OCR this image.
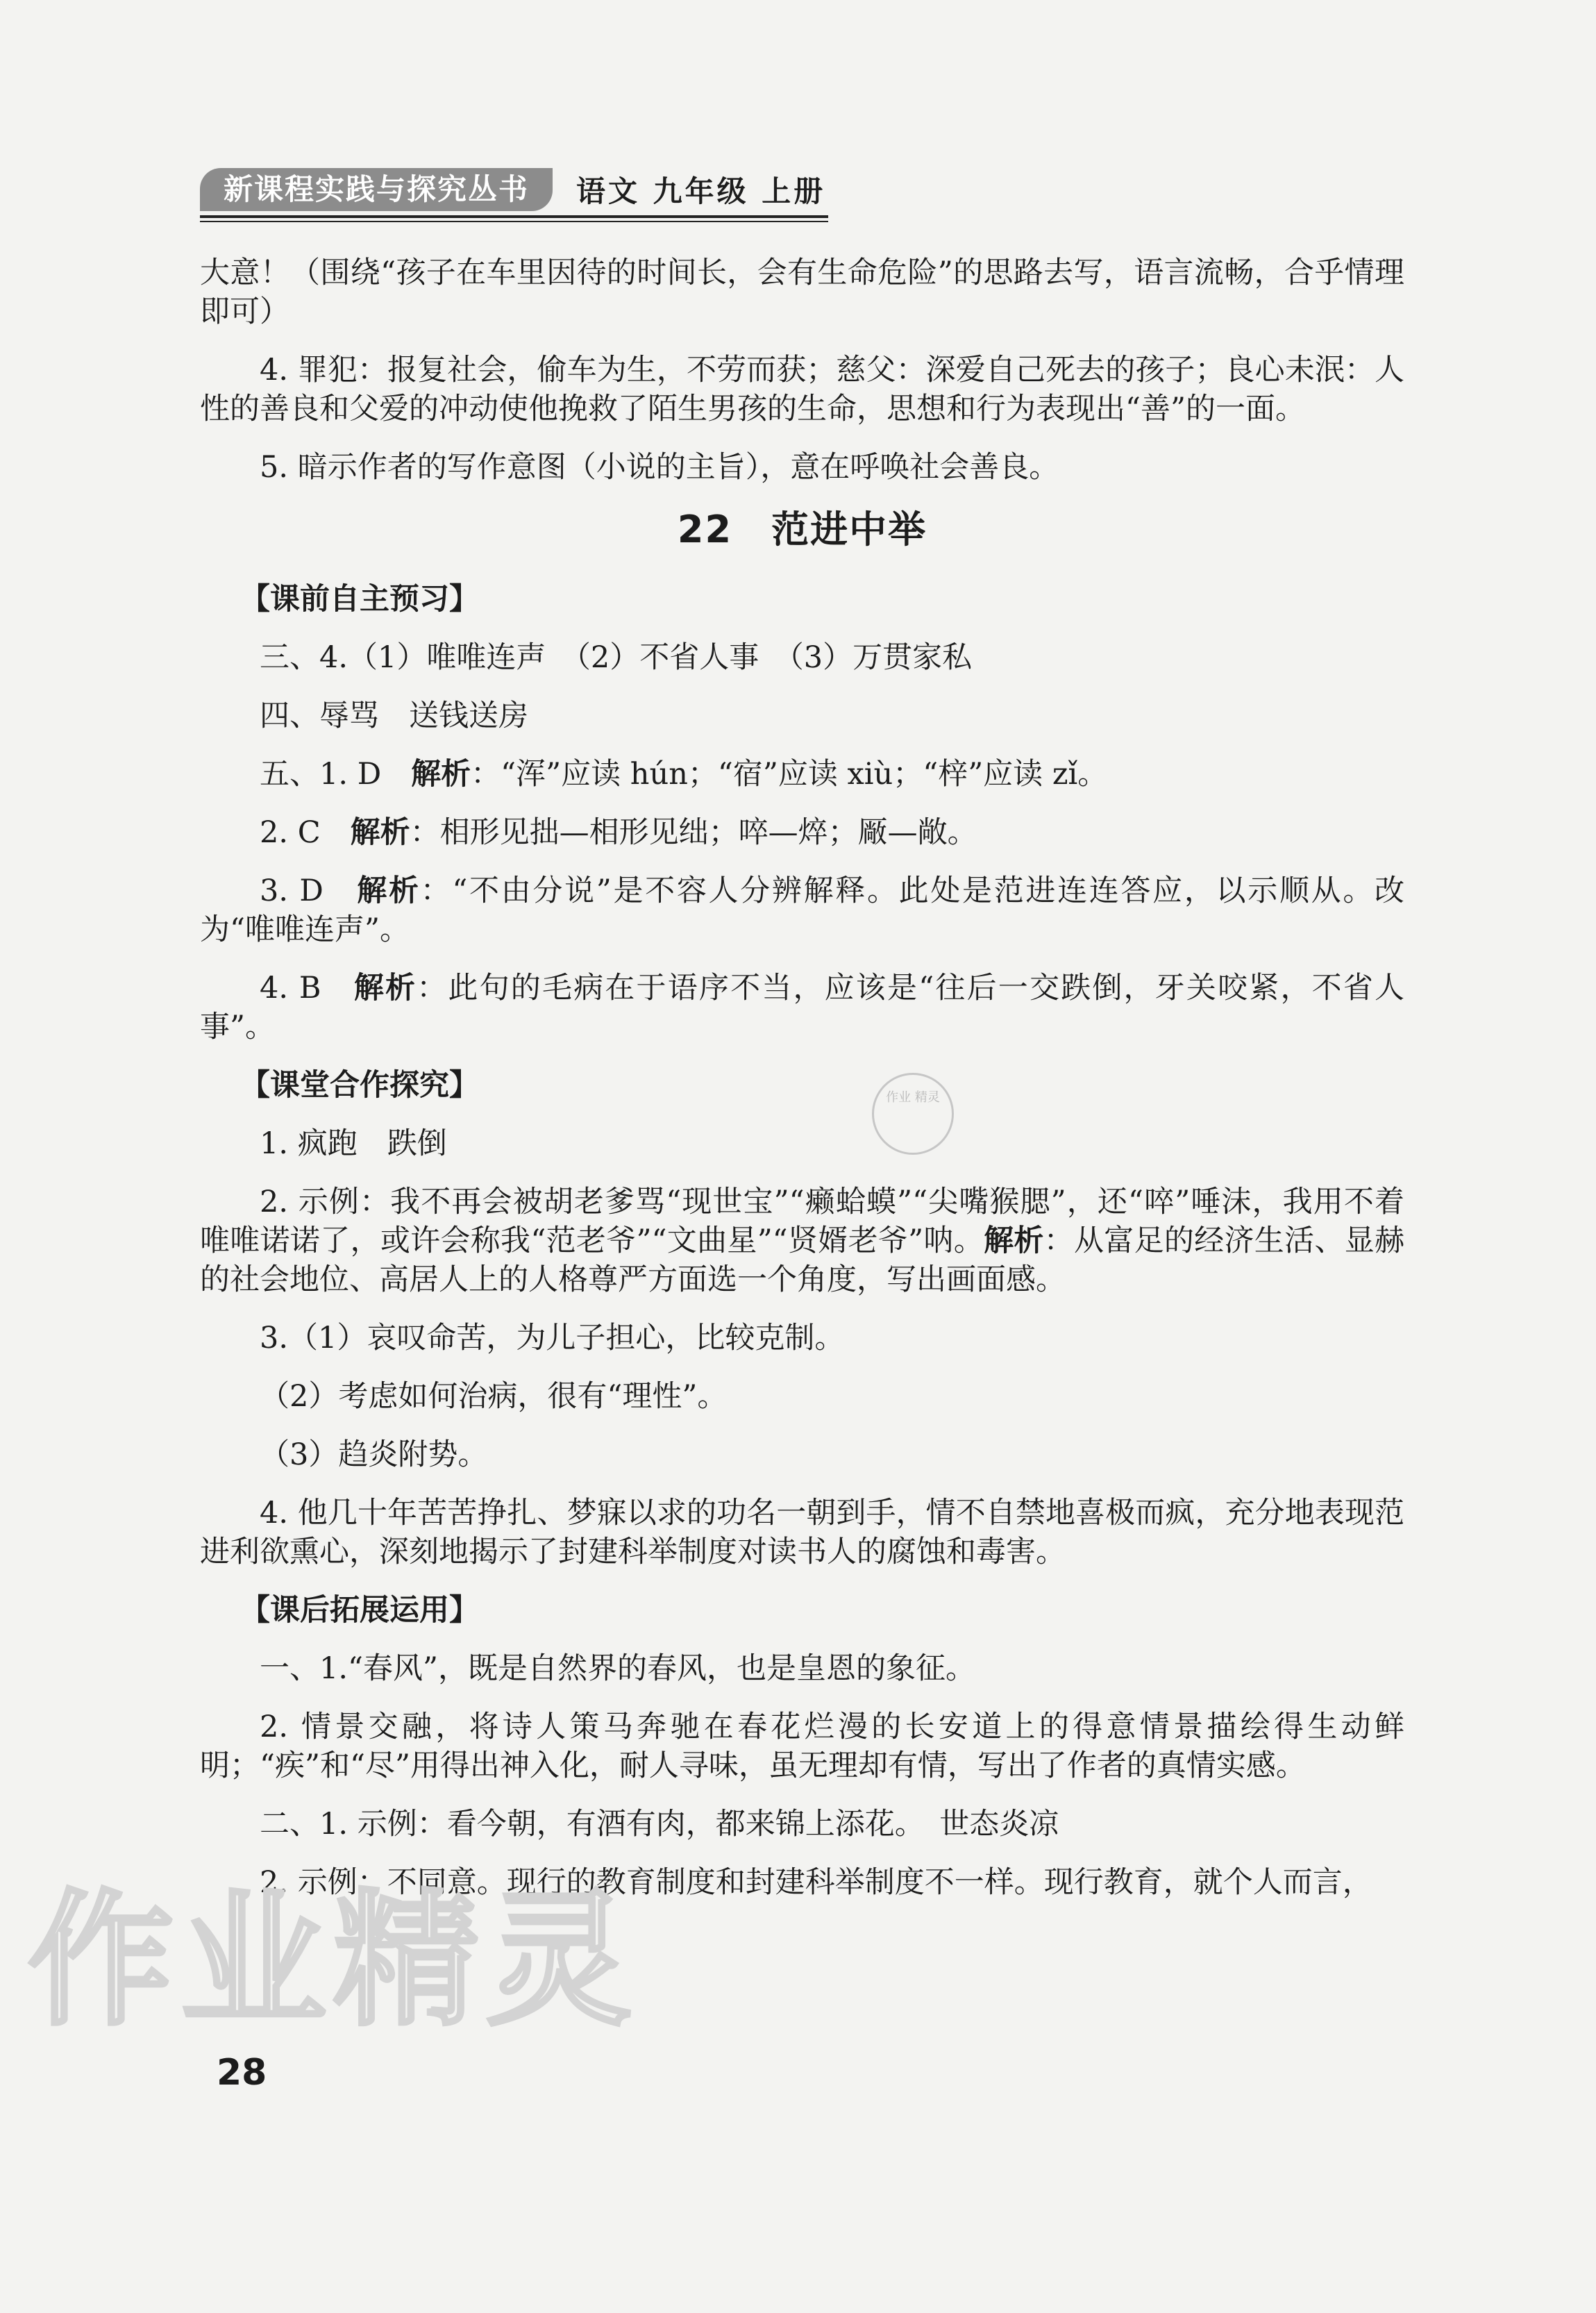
新课程实践与探究丛书	语文 九年级 上册

大意！（围绕“孩子在车里因待的时间长，会有生命危险”的思路去写，语言流畅，合乎情理即可）

4. 罪犯：报复社会，偷车为生，不劳而获；慈父：深爱自己死去的孩子；良心未泯：人性的善良和父爱的冲动使他挽救了陌生男孩的生命，思想和行为表现出“善”的一面。

5. 暗示作者的写作意图（小说的主旨），意在呼唤社会善良。

22　范进中举

【课前自主预习】

三、4.（1）唯唯连声　（2）不省人事　（3）万贯家私

四、辱骂　送钱送房

五、1. D　解析：“浑”应读 hún；“宿”应读 xiù；“梓”应读 zǐ。

2. C　解析：相形见拙—相形见绌；啐—焠；厰—敞。

3. D　解析：“不由分说”是不容人分辨解释。此处是范进连连答应，以示顺从。改为“唯唯连声”。

4. B　解析：此句的毛病在于语序不当，应该是“往后一交跌倒，牙关咬紧，不省人事”。

【课堂合作探究】

1. 疯跑　跌倒

2. 示例：我不再会被胡老爹骂“现世宝”“癞蛤蟆”“尖嘴猴腮”，还“啐”唾沫，我用不着唯唯诺诺了，或许会称我“范老爷”“文曲星”“贤婿老爷”呐。解析：从富足的经济生活、显赫的社会地位、高居人上的人格尊严方面选一个角度，写出画面感。

3.（1）哀叹命苦，为儿子担心，比较克制。

（2）考虑如何治病，很有“理性”。

（3）趋炎附势。

4. 他几十年苦苦挣扎、梦寐以求的功名一朝到手，情不自禁地喜极而疯，充分地表现范进利欲熏心，深刻地揭示了封建科举制度对读书人的腐蚀和毒害。

【课后拓展运用】

一、1.“春风”，既是自然界的春风，也是皇恩的象征。

2. 情景交融，将诗人策马奔驰在春花烂漫的长安道上的得意情景描绘得生动鲜明；“疾”和“尽”用得出神入化，耐人寻味，虽无理却有情，写出了作者的真情实感。

二、1. 示例：看今朝，有酒有肉，都来锦上添花。　世态炎凉

2. 示例：不同意。现行的教育制度和封建科举制度不一样。现行教育，就个人而言，

作业 精灵
作业精灵
28
